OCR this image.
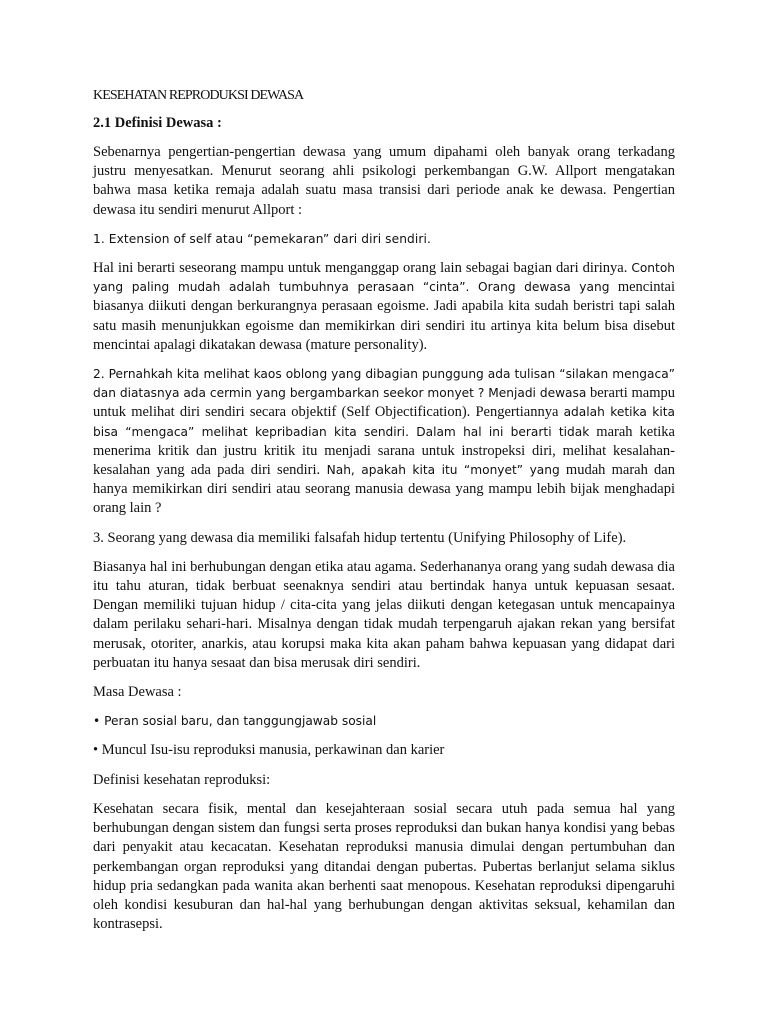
KESEHATAN REPRODUKSI DEWASA
2.1 Definisi Dewasa :

Sebenarnya pengertian-pengertian dewasa yang umum dipahami oleh banyak orang terkadang justru menyesatkan. Menurut seorang ahli psikologi perkembangan G.W. Allport mengatakan bahwa masa ketika remaja adalah suatu masa transisi dari periode anak ke dewasa. Pengertian dewasa itu sendiri menurut Allport :

1. Extension of self atau “pemekaran” dari diri sendiri.

Hal ini berarti seseorang mampu untuk menganggap orang lain sebagai bagian dari dirinya. Contoh yang paling mudah adalah tumbuhnya perasaan “cinta”. Orang dewasa yang mencintai biasanya diikuti dengan berkurangnya perasaan egoisme. Jadi apabila kita sudah beristri tapi salah satu masih menunjukkan egoisme dan memikirkan diri sendiri itu artinya kita belum bisa disebut mencintai apalagi dikatakan dewasa (mature personality).

2. Pernahkah kita melihat kaos oblong yang dibagian punggung ada tulisan “silakan mengaca” dan diatasnya ada cermin yang bergambarkan seekor monyet ? Menjadi dewasa berarti mampu untuk melihat diri sendiri secara objektif (Self Objectification). Pengertiannya adalah ketika kita bisa “mengaca” melihat kepribadian kita sendiri. Dalam hal ini berarti tidak marah ketika menerima kritik dan justru kritik itu menjadi sarana untuk instropeksi diri, melihat kesalahan-kesalahan yang ada pada diri sendiri. Nah, apakah kita itu “monyet” yang mudah marah dan hanya memikirkan diri sendiri atau seorang manusia dewasa yang mampu lebih bijak menghadapi orang lain ?

3. Seorang yang dewasa dia memiliki falsafah hidup tertentu (Unifying Philosophy of Life).

Biasanya hal ini berhubungan dengan etika atau agama. Sederhananya orang yang sudah dewasa dia itu tahu aturan, tidak berbuat seenaknya sendiri atau bertindak hanya untuk kepuasan sesaat. Dengan memiliki tujuan hidup / cita-cita yang jelas diikuti dengan ketegasan untuk mencapainya dalam perilaku sehari-hari. Misalnya dengan tidak mudah terpengaruh ajakan rekan yang bersifat merusak, otoriter, anarkis, atau korupsi maka kita akan paham bahwa kepuasan yang didapat dari perbuatan itu hanya sesaat dan bisa merusak diri sendiri.

Masa Dewasa :

• Peran sosial baru, dan tanggungjawab sosial

• Muncul Isu-isu reproduksi manusia, perkawinan dan karier

Definisi kesehatan reproduksi:

Kesehatan secara fisik, mental dan kesejahteraan sosial secara utuh pada semua hal yang berhubungan dengan sistem dan fungsi serta proses reproduksi dan bukan hanya kondisi yang bebas dari penyakit atau kecacatan. Kesehatan reproduksi manusia dimulai dengan pertumbuhan dan perkembangan organ reproduksi yang ditandai dengan pubertas. Pubertas berlanjut selama siklus hidup pria sedangkan pada wanita akan berhenti saat menopous. Kesehatan reproduksi dipengaruhi oleh kondisi kesuburan dan hal-hal yang berhubungan dengan aktivitas seksual, kehamilan dan kontrasepsi.
